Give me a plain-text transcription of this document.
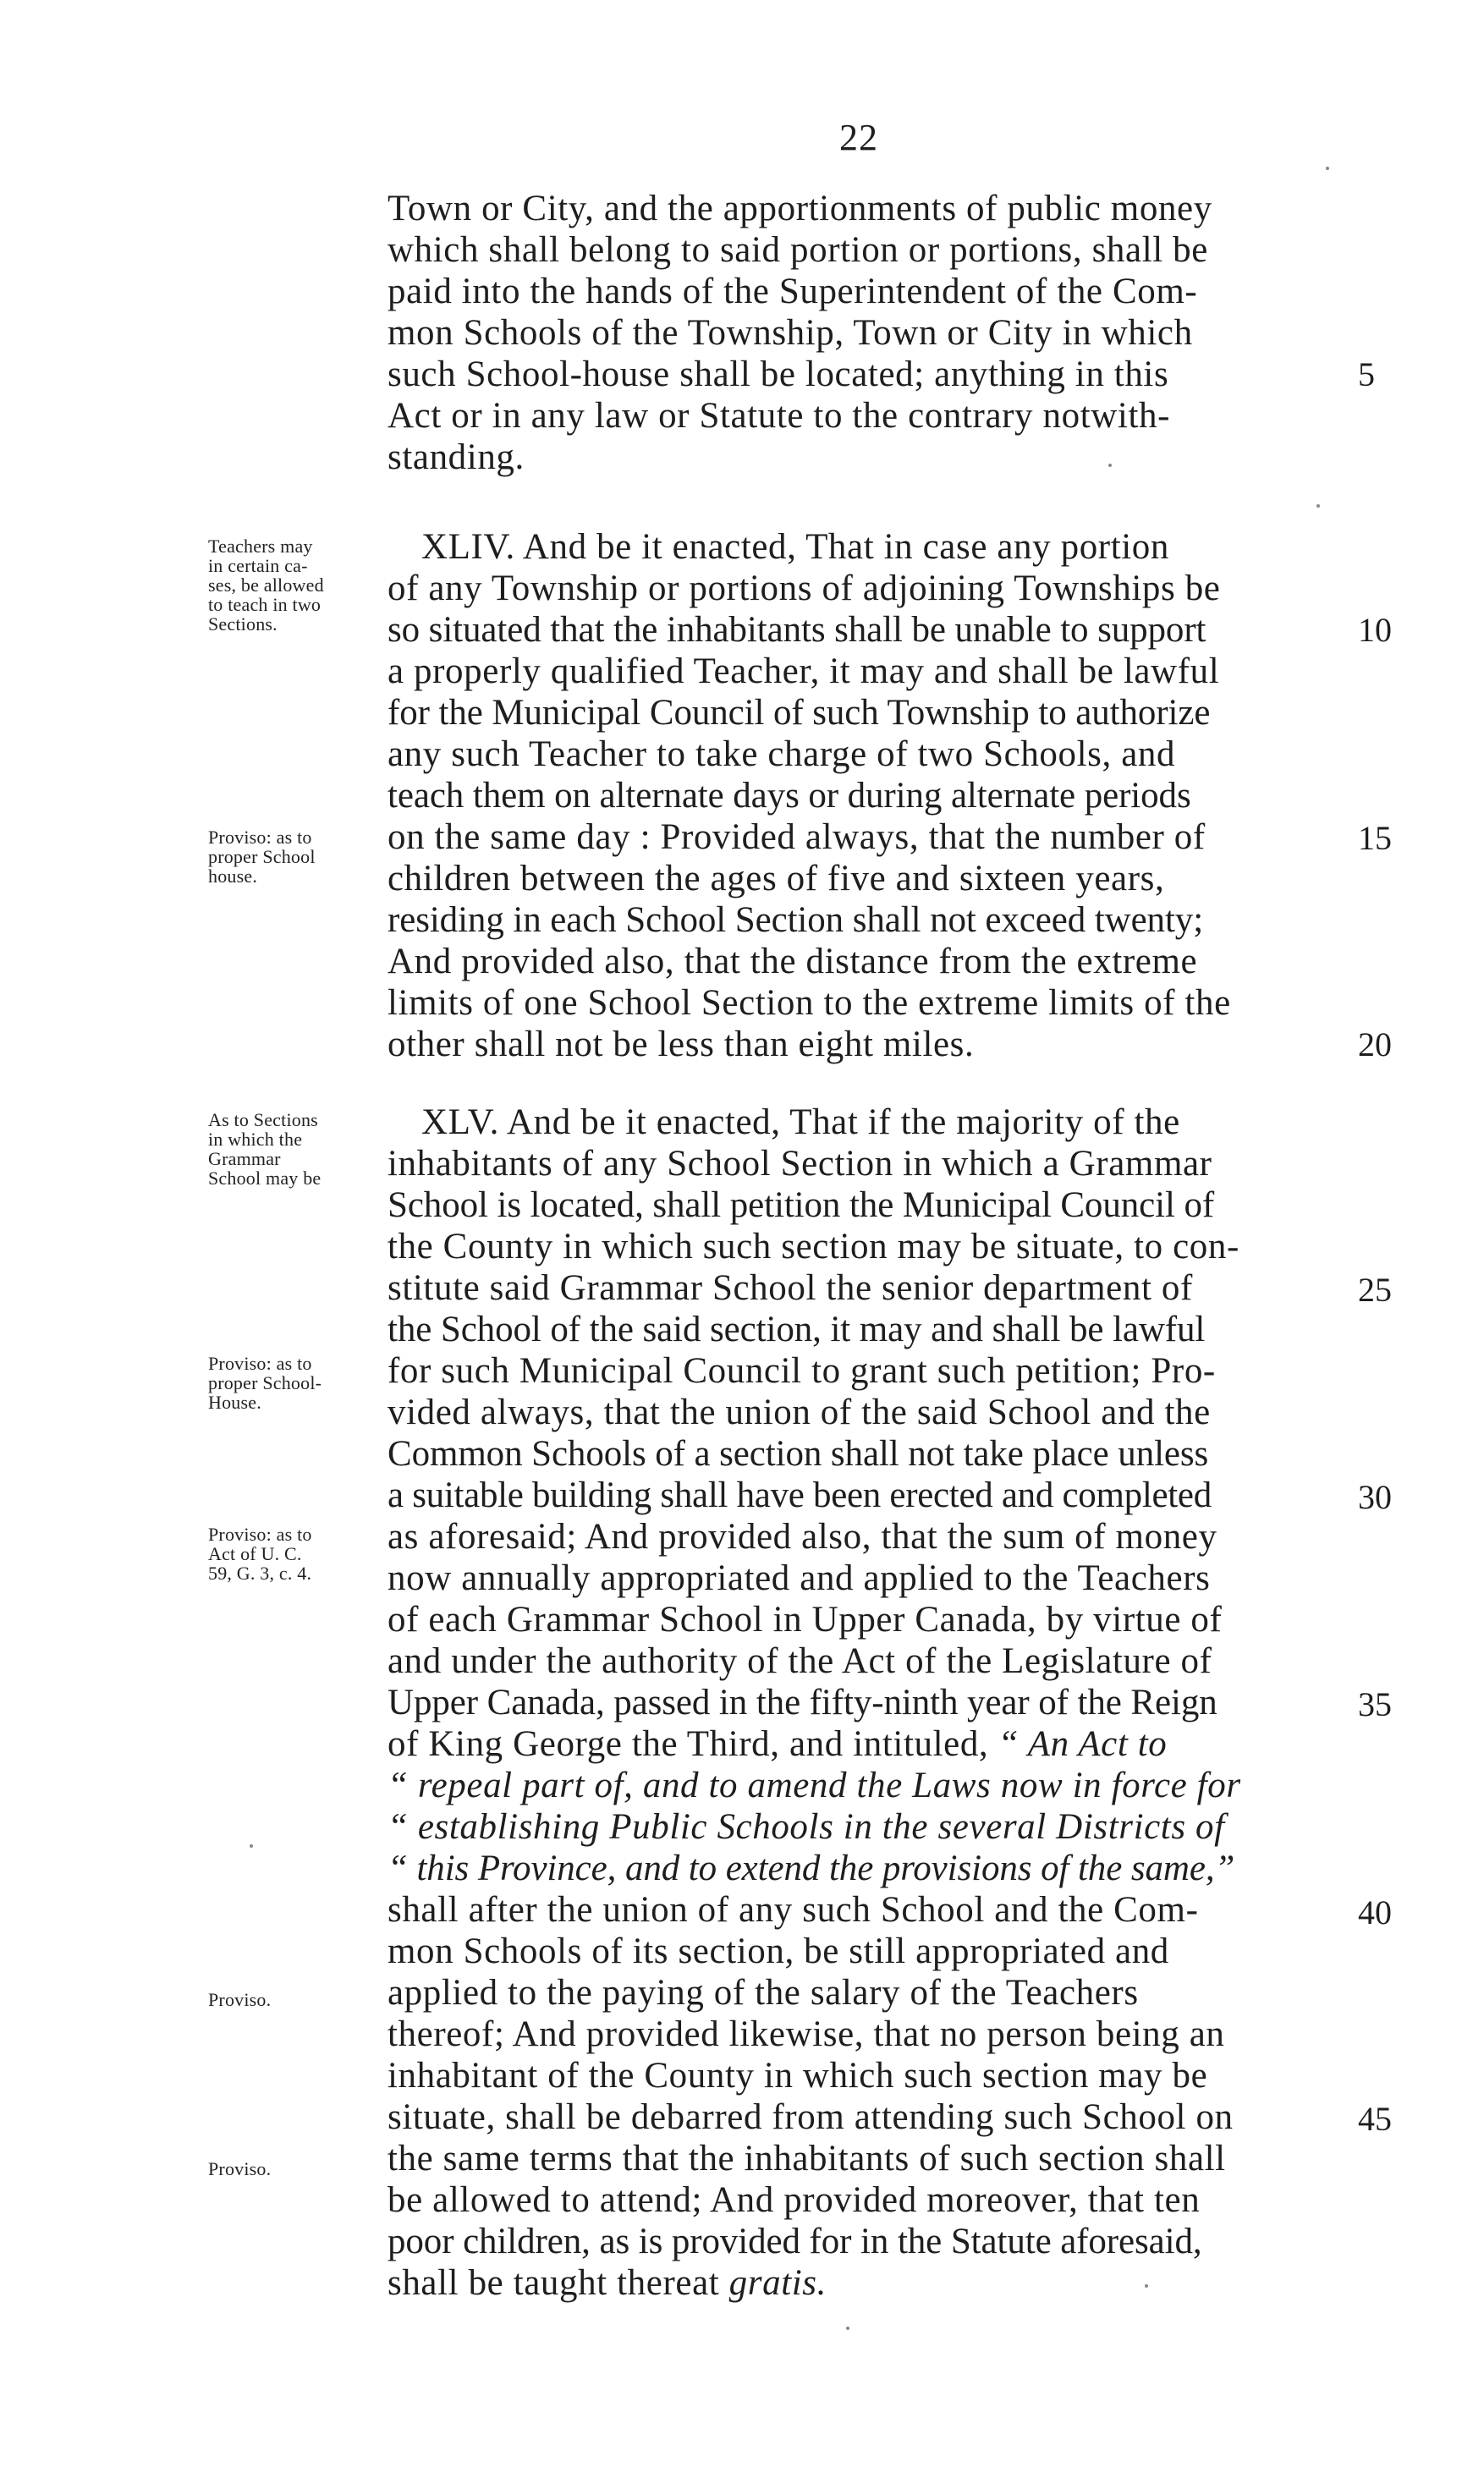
22
Town or City, and the apportionments of public money
which shall belong to said portion or portions, shall be
paid into the hands of the Superintendent of the Com-
mon Schools of the Township, Town or City in which
such School-house shall be located; anything in this
Act or in any law or Statute to the contrary notwith-
standing.
XLIV. And be it enacted, That in case any portion
of any Township or portions of adjoining Townships be
so situated that the inhabitants shall be unable to support
a properly qualified Teacher, it may and shall be lawful
for the Municipal Council of such Township to authorize
any such Teacher to take charge of two Schools, and
teach them on alternate days or during alternate periods
on the same day : Provided always, that the number of
children between the ages of five and sixteen years,
residing in each School Section shall not exceed twenty;
And provided also, that the distance from the extreme
limits of one School Section to the extreme limits of the
other shall not be less than eight miles.
XLV. And be it enacted, That if the majority of the
inhabitants of any School Section in which a Grammar
School is located, shall petition the Municipal Council of
the County in which such section may be situate, to con-
stitute said Grammar School the senior department of
the School of the said section, it may and shall be lawful
for such Municipal Council to grant such petition; Pro-
vided always, that the union of the said School and the
Common Schools of a section shall not take place unless
a suitable building shall have been erected and completed
as aforesaid; And provided also, that the sum of money
now annually appropriated and applied to the Teachers
of each Grammar School in Upper Canada, by virtue of
and under the authority of the Act of the Legislature of
Upper Canada, passed in the fifty-ninth year of the Reign
of King George the Third, and intituled, “ An Act to
“ repeal part of, and to amend the Laws now in force for
“ establishing Public Schools in the several Districts of
“ this Province, and to extend the provisions of the same,”
shall after the union of any such School and the Com-
mon Schools of its section, be still appropriated and
applied to the paying of the salary of the Teachers
thereof; And provided likewise, that no person being an
inhabitant of the County in which such section may be
situate, shall be debarred from attending such School on
the same terms that the inhabitants of such section shall
be allowed to attend; And provided moreover, that ten
poor children, as is provided for in the Statute aforesaid,
shall be taught thereat gratis.
5
10
15
20
25
30
35
40
45
Teachers may
in certain ca-
ses, be allowed
to teach in two
Sections.
Proviso: as to
proper School
house.
As to Sections
in which the
Grammar
School may be
Proviso: as to
proper School-
House.
Proviso: as to
Act of U. C.
59, G. 3, c. 4.
Proviso.
Proviso.
